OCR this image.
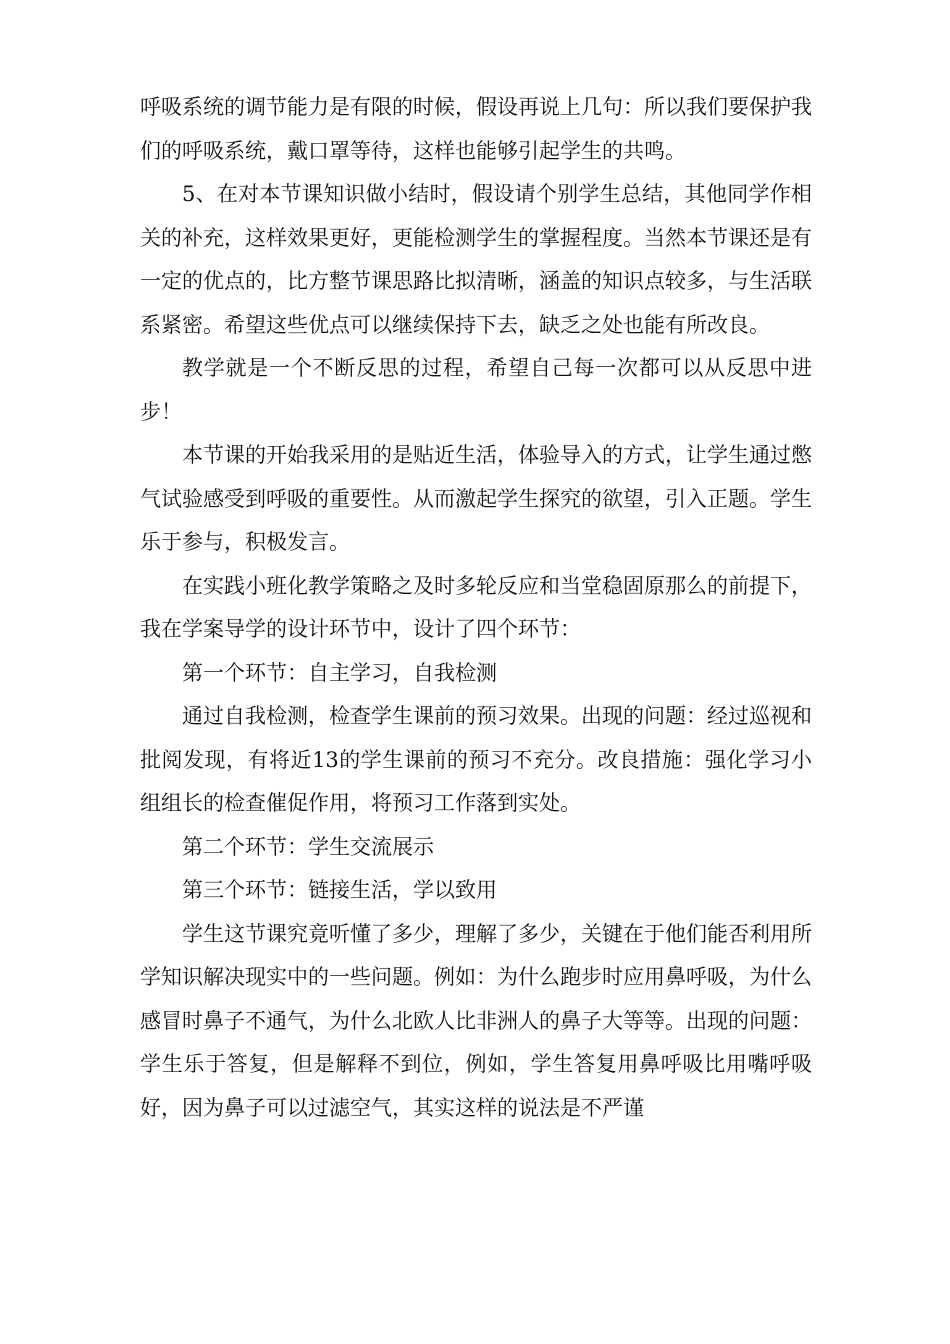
呼吸系统的调节能力是有限的时候，假设再说上几句：所以我们要保护我们的呼吸系统，戴口罩等待，这样也能够引起学生的共鸣。

5、在对本节课知识做小结时，假设请个别学生总结，其他同学作相关的补充，这样效果更好，更能检测学生的掌握程度。当然本节课还是有一定的优点的，比方整节课思路比拟清晰，涵盖的知识点较多，与生活联系紧密。希望这些优点可以继续保持下去，缺乏之处也能有所改良。

教学就是一个不断反思的过程，希望自己每一次都可以从反思中进步！

本节课的开始我采用的是贴近生活，体验导入的方式，让学生通过憋气试验感受到呼吸的重要性。从而激起学生探究的欲望，引入正题。学生乐于参与，积极发言。

在实践小班化教学策略之及时多轮反应和当堂稳固原那么的前提下，我在学案导学的设计环节中，设计了四个环节：

第一个环节：自主学习，自我检测

通过自我检测，检查学生课前的预习效果。出现的问题：经过巡视和批阅发现，有将近13的学生课前的预习不充分。改良措施：强化学习小组组长的检查催促作用，将预习工作落到实处。

第二个环节：学生交流展示

第三个环节：链接生活，学以致用

学生这节课究竟听懂了多少，理解了多少，关键在于他们能否利用所学知识解决现实中的一些问题。例如：为什么跑步时应用鼻呼吸，为什么感冒时鼻子不通气，为什么北欧人比非洲人的鼻子大等等。出现的问题：学生乐于答复，但是解释不到位，例如，学生答复用鼻呼吸比用嘴呼吸好，因为鼻子可以过滤空气，其实这样的说法是不严谨
